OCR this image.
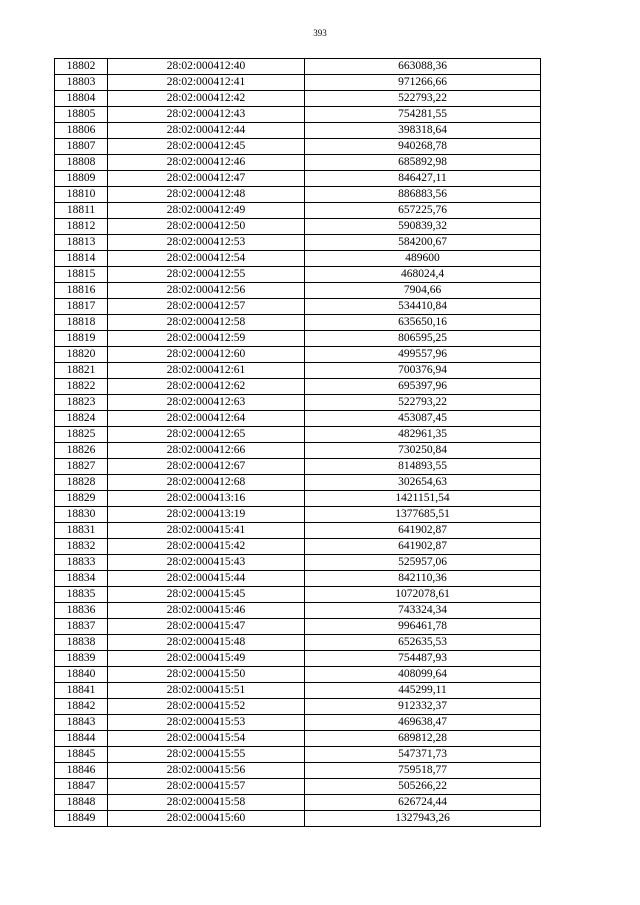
393
18802	28:02:000412:40	663088,36
18803	28:02:000412:41	971266,66
18804	28:02:000412:42	522793,22
18805	28:02:000412:43	754281,55
18806	28:02:000412:44	398318,64
18807	28:02:000412:45	940268,78
18808	28:02:000412:46	685892,98
18809	28:02:000412:47	846427,11
18810	28:02:000412:48	886883,56
18811	28:02:000412:49	657225,76
18812	28:02:000412:50	590839,32
18813	28:02:000412:53	584200,67
18814	28:02:000412:54	489600
18815	28:02:000412:55	468024,4
18816	28:02:000412:56	7904,66
18817	28:02:000412:57	534410,84
18818	28:02:000412:58	635650,16
18819	28:02:000412:59	806595,25
18820	28:02:000412:60	499557,96
18821	28:02:000412:61	700376,94
18822	28:02:000412:62	695397,96
18823	28:02:000412:63	522793,22
18824	28:02:000412:64	453087,45
18825	28:02:000412:65	482961,35
18826	28:02:000412:66	730250,84
18827	28:02:000412:67	814893,55
18828	28:02:000412:68	302654,63
18829	28:02:000413:16	1421151,54
18830	28:02:000413:19	1377685,51
18831	28:02:000415:41	641902,87
18832	28:02:000415:42	641902,87
18833	28:02:000415:43	525957,06
18834	28:02:000415:44	842110,36
18835	28:02:000415:45	1072078,61
18836	28:02:000415:46	743324,34
18837	28:02:000415:47	996461,78
18838	28:02:000415:48	652635,53
18839	28:02:000415:49	754487,93
18840	28:02:000415:50	408099,64
18841	28:02:000415:51	445299,11
18842	28:02:000415:52	912332,37
18843	28:02:000415:53	469638,47
18844	28:02:000415:54	689812,28
18845	28:02:000415:55	547371,73
18846	28:02:000415:56	759518,77
18847	28:02:000415:57	505266,22
18848	28:02:000415:58	626724,44
18849	28:02:000415:60	1327943,26
